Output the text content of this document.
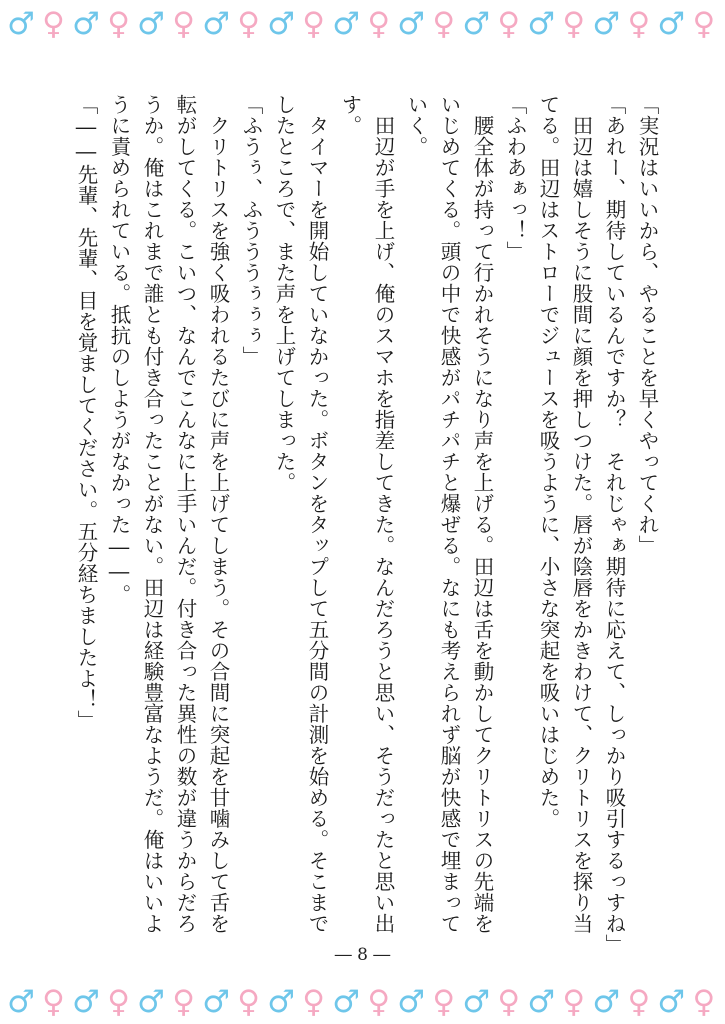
♂ ♀ ♂ ♀ ♂ ♀ ♂ ♀ ♂ ♀ ♂ ♀ ♂ ♀ ♂ ♀ ♂ ♀ ♂ ♀ ♂ ♀
「実況はいいから、やることを早くやってくれ」
「あれー、期待しているんですか？　それじゃぁ期待に応えて、しっかり吸引するっすね」
　田辺は嬉しそうに股間に顔を押しつけた。唇が陰唇をかきわけて、クリトリスを探り当
てる。田辺はストローでジュースを吸うように、小さな突起を吸いはじめた。
「ふわあぁっ！」
　腰全体が持って行かれそうになり声を上げる。田辺は舌を動かしてクリトリスの先端を
いじめてくる。頭の中で快感がパチパチと爆ぜる。なにも考えられず脳が快感で埋まって
いく。
　田辺が手を上げ、俺のスマホを指差してきた。なんだろうと思い、そうだったと思い出
す。
　タイマーを開始していなかった。ボタンをタップして五分間の計測を始める。そこまで
したところで、また声を上げてしまった。
「ふうぅ、ふうううぅぅぅ」
　クリトリスを強く吸われるたびに声を上げてしまう。その合間に突起を甘噛みして舌を
転がしてくる。こいつ、なんでこんなに上手いんだ。付き合った異性の数が違うからだろ
うか。俺はこれまで誰とも付き合ったことがない。田辺は経験豊富なようだ。俺はいいよ
うに責められている。抵抗のしようがなかった――。
「――先輩、先輩、目を覚ましてください。五分経ちましたよ！」
― 8 ―
♂ ♀ ♂ ♀ ♂ ♀ ♂ ♀ ♂ ♀ ♂ ♀ ♂ ♀ ♂ ♀ ♂ ♀ ♂ ♀ ♂ ♀
